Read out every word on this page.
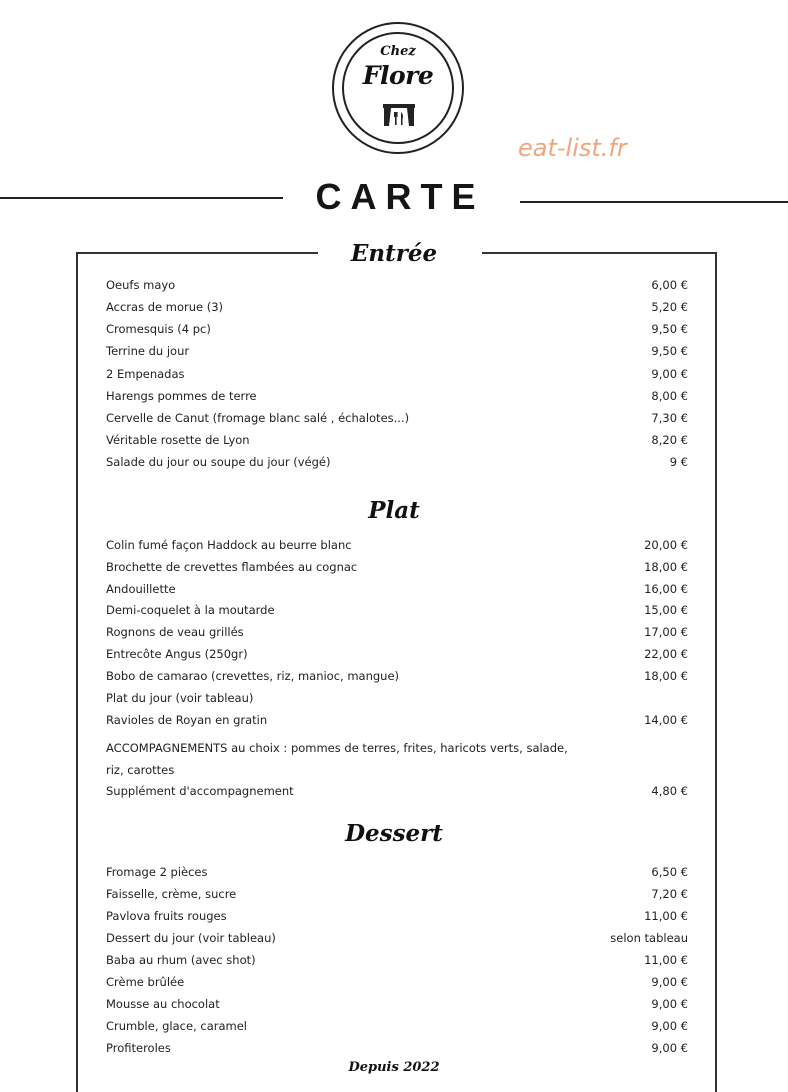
Chez
Flore
eat-list.fr
CARTE
Entrée
Oeufs mayo	6,00 €
Accras de morue (3)	5,20 €
Cromesquis (4 pc)	9,50 €
Terrine du jour	9,50 €
2 Empenadas	9,00 €
Harengs pommes de terre	8,00 €
Cervelle de Canut (fromage blanc salé , échalotes...)	7,30 €
Véritable rosette de Lyon	8,20 €
Salade du jour ou soupe du jour (végé)	9 €
Plat
Colin fumé façon Haddock au beurre blanc	20,00 €
Brochette de crevettes flambées au cognac	18,00 €
Andouillette	16,00 €
Demi-coquelet à la moutarde	15,00 €
Rognons de veau grillés	17,00 €
Entrecôte Angus (250gr)	22,00 €
Bobo de camarao (crevettes, riz, manioc, mangue)	18,00 €
Plat du jour (voir tableau)
Ravioles de Royan en gratin	14,00 €
ACCOMPAGNEMENTS au choix : pommes de terres, frites, haricots verts, salade,
riz, carottes
Supplément d'accompagnement	4,80 €
Dessert
Fromage 2 pièces	6,50 €
Faisselle, crème, sucre	7,20 €
Pavlova fruits rouges	11,00 €
Dessert du jour (voir tableau)	selon tableau
Baba au rhum (avec shot)	11,00 €
Crème brûlée	9,00 €
Mousse au chocolat	9,00 €
Crumble, glace, caramel	9,00 €
Profiteroles	9,00 €
Depuis 2022
